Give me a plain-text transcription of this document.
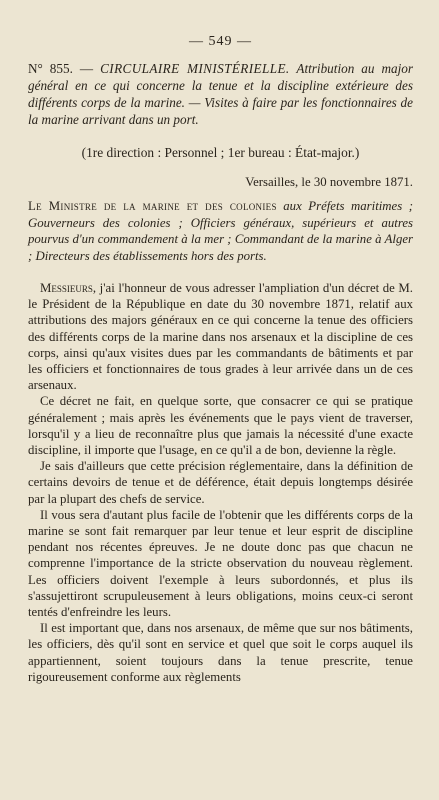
— 549 —
N° 855. — CIRCULAIRE MINISTÉRIELLE. Attribution au major général en ce qui concerne la tenue et la discipline extérieure des différents corps de la marine. — Visites à faire par les fonctionnaires de la marine arrivant dans un port.
(1re direction : Personnel ; 1er bureau : État-major.)
Versailles, le 30 novembre 1871.
Le Ministre de la marine et des colonies aux Préfets maritimes ; Gouverneurs des colonies ; Officiers généraux, supérieurs et autres pourvus d'un commandement à la mer ; Commandant de la marine à Alger ; Directeurs des établissements hors des ports.

Messieurs, j'ai l'honneur de vous adresser l'ampliation d'un décret de M. le Président de la République en date du 30 novembre 1871, relatif aux attributions des majors généraux en ce qui concerne la tenue des officiers des différents corps de la marine dans nos arsenaux et la discipline de ces corps, ainsi qu'aux visites dues par les commandants de bâtiments et par les officiers et fonctionnaires de tous grades à leur arrivée dans un de ces arsenaux.

Ce décret ne fait, en quelque sorte, que consacrer ce qui se pratique généralement ; mais après les événements que le pays vient de traverser, lorsqu'il y a lieu de reconnaître plus que jamais la nécessité d'une exacte discipline, il importe que l'usage, en ce qu'il a de bon, devienne la règle.

Je sais d'ailleurs que cette précision réglementaire, dans la définition de certains devoirs de tenue et de déférence, était depuis longtemps désirée par la plupart des chefs de service.

Il vous sera d'autant plus facile de l'obtenir que les différents corps de la marine se sont fait remarquer par leur tenue et leur esprit de discipline pendant nos récentes épreuves. Je ne doute donc pas que chacun ne comprenne l'importance de la stricte observation du nouveau règlement. Les officiers doivent l'exemple à leurs subordonnés, et plus ils s'assujettiront scrupuleusement à leurs obligations, moins ceux-ci seront tentés d'enfreindre les leurs.

Il est important que, dans nos arsenaux, de même que sur nos bâtiments, les officiers, dès qu'il sont en service et quel que soit le corps auquel ils appartiennent, soient toujours dans la tenue prescrite, tenue rigoureusement conforme aux règlements
